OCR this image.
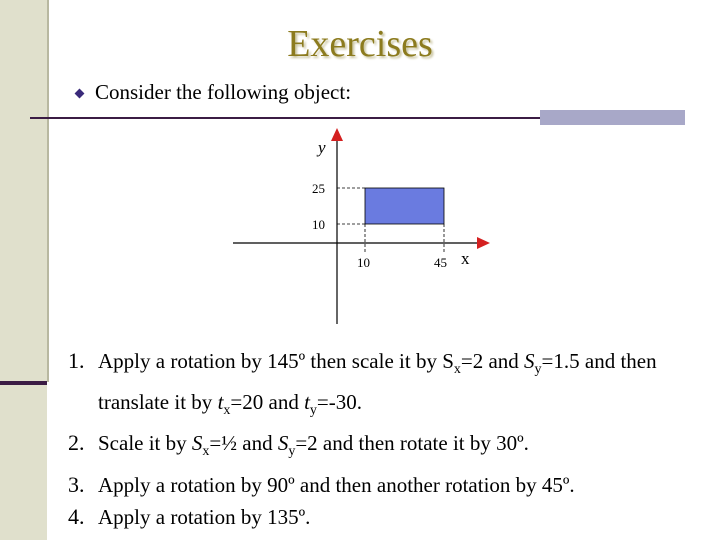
Exercises
Consider the following object:
y
x
25
10
10	45
1. Apply a rotation by 145º then scale it by $S_x=2$ and $S_y=1.5$ and then translate it by $t_x=20$ and $t_y=-30$.
2. Scale it by $S_x=\frac{1}{2}$ and $S_y=2$ and then rotate it by 30º.
3. Apply a rotation by 90º and then another rotation by 45º.
4. Apply a rotation by 135º.
